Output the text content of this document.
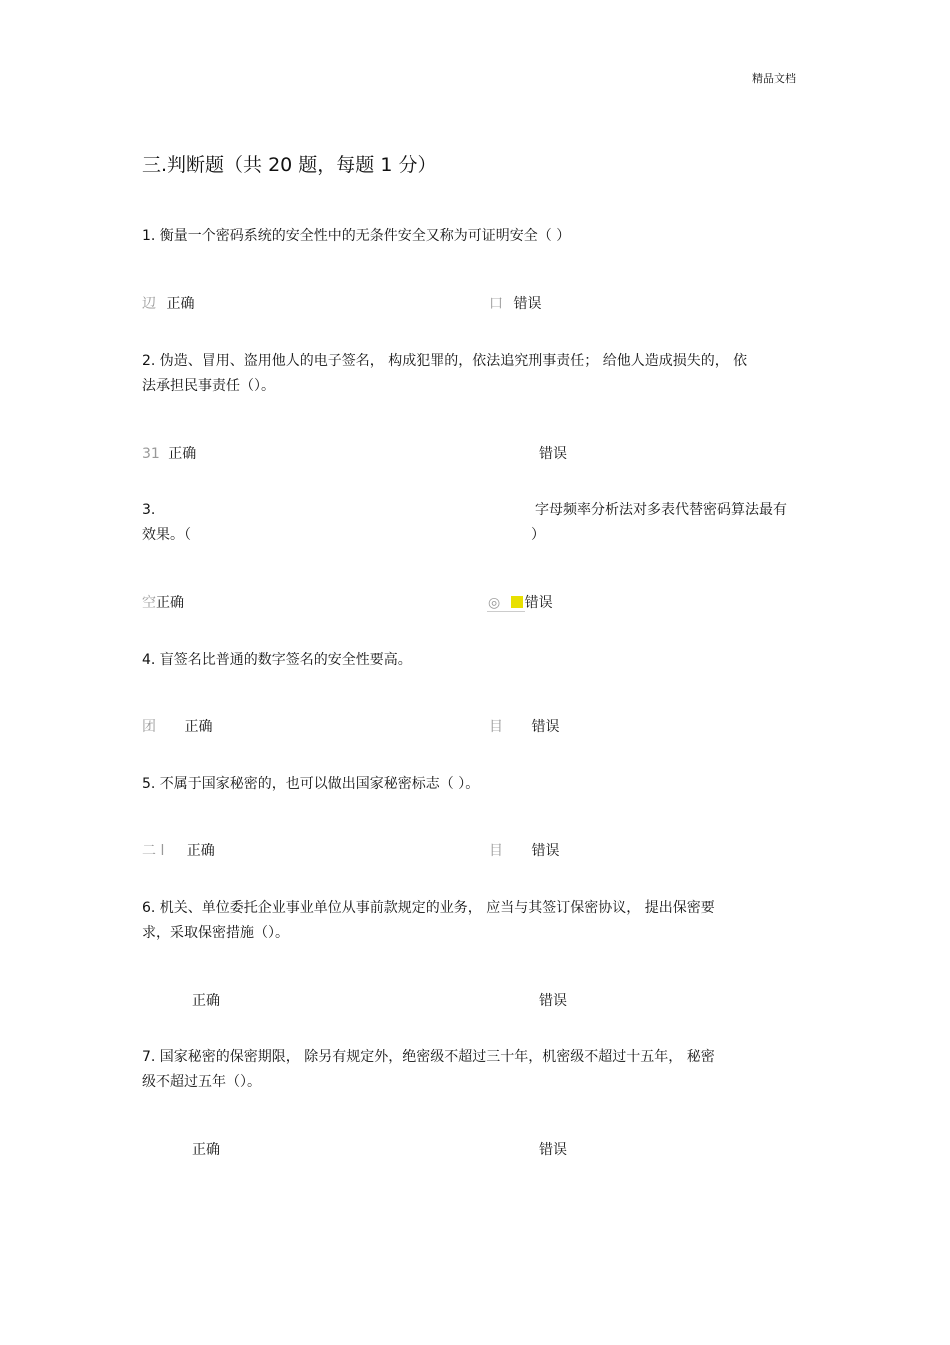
精品文档
三.判断题（共 20 题，每题 1 分）
1. 衡量一个密码系统的安全性中的无条件安全又称为可证明安全（ ）
辺 正确	口 错误
2. 伪造、冒用、盗用他人的电子签名， 构成犯罪的，依法追究刑事责任； 给他人造成损失的， 依
法承担民事责任（）。
31 正确	错误
3.	字母频率分析法对多表代替密码算法最有
效果。（	）
空正确	◎ 错误
4. 盲签名比普通的数字签名的安全性要高。
团 正确	目 错误
5. 不属于国家秘密的，也可以做出国家秘密标志（ ）。
二 l 正确	目 错误
6. 机关、单位委托企业事业单位从事前款规定的业务， 应当与其签订保密协议， 提出保密要
求，采取保密措施（）。
正确	错误
7. 国家秘密的保密期限， 除另有规定外，绝密级不超过三十年，机密级不超过十五年， 秘密
级不超过五年（）。
正确	错误
